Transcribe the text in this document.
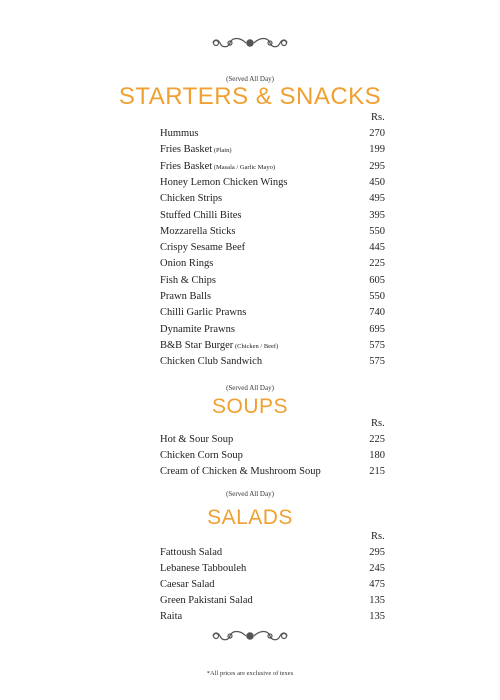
(Served All Day)
STARTERS & SNACKS
Rs.
Hummus	270
Fries Basket (Plain)	199
Fries Basket (Masala / Garlic Mayo)	295
Honey Lemon Chicken Wings	450
Chicken Strips	495
Stuffed Chilli Bites	395
Mozzarella Sticks	550
Crispy Sesame Beef	445
Onion Rings	225
Fish & Chips	605
Prawn Balls	550
Chilli Garlic Prawns	740
Dynamite Prawns	695
B&B Star Burger (Chicken / Beef)	575
Chicken Club Sandwich	575
(Served All Day)
SOUPS
Rs.
Hot & Sour Soup	225
Chicken Corn Soup	180
Cream of Chicken & Mushroom Soup	215
(Served All Day)
SALADS
Rs.
Fattoush Salad	295
Lebanese Tabbouleh	245
Caesar Salad	475
Green Pakistani Salad	135
Raita	135
*All prices are exclusive of texes
